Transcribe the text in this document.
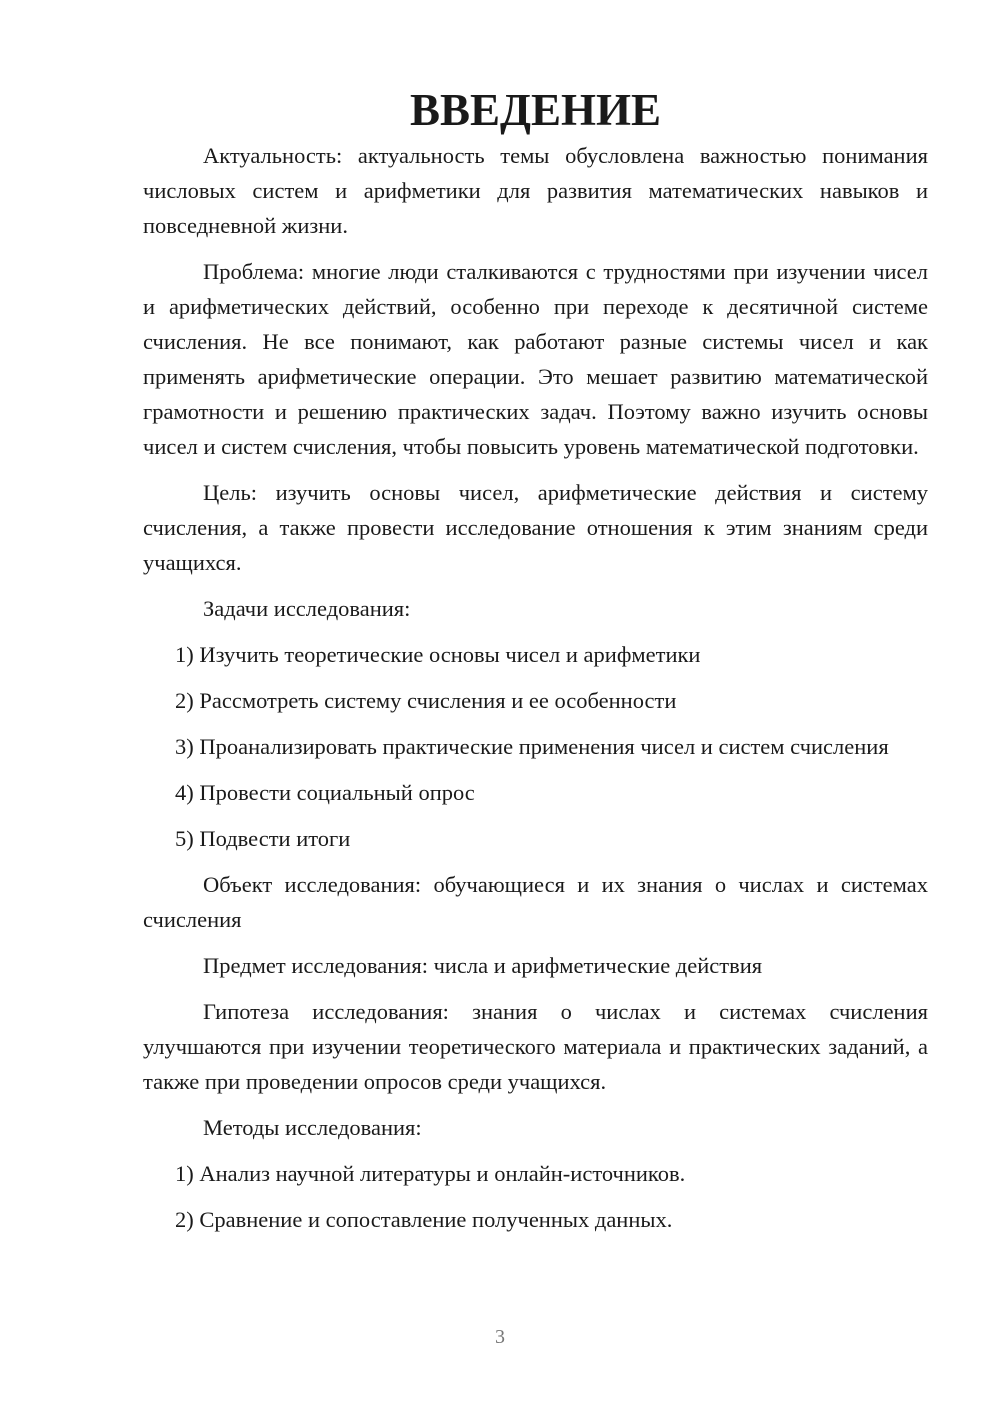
ВВЕДЕНИЕ

Актуальность: актуальность темы обусловлена важностью понимания числовых систем и арифметики для развития математических навыков и повседневной жизни.

Проблема: многие люди сталкиваются с трудностями при изучении чисел и арифметических действий, особенно при переходе к десятичной системе счисления. Не все понимают, как работают разные системы чисел и как применять арифметические операции. Это мешает развитию математической грамотности и решению практических задач. Поэтому важно изучить основы чисел и систем счисления, чтобы повысить уровень математической подготовки.

Цель: изучить основы чисел, арифметические действия и систему счисления, а также провести исследование отношения к этим знаниям среди учащихся.

Задачи исследования:

1) Изучить теоретические основы чисел и арифметики

2) Рассмотреть систему счисления и ее особенности

3) Проанализировать практические применения чисел и систем счисления

4) Провести социальный опрос

5) Подвести итоги

Объект исследования: обучающиеся и их знания о числах и системах счисления

Предмет исследования: числа и арифметические действия

Гипотеза исследования: знания о числах и системах счисления улучшаются при изучении теоретического материала и практических заданий, а также при проведении опросов среди учащихся.

Методы исследования:

1) Анализ научной литературы и онлайн-источников.

2) Сравнение и сопоставление полученных данных.

3
